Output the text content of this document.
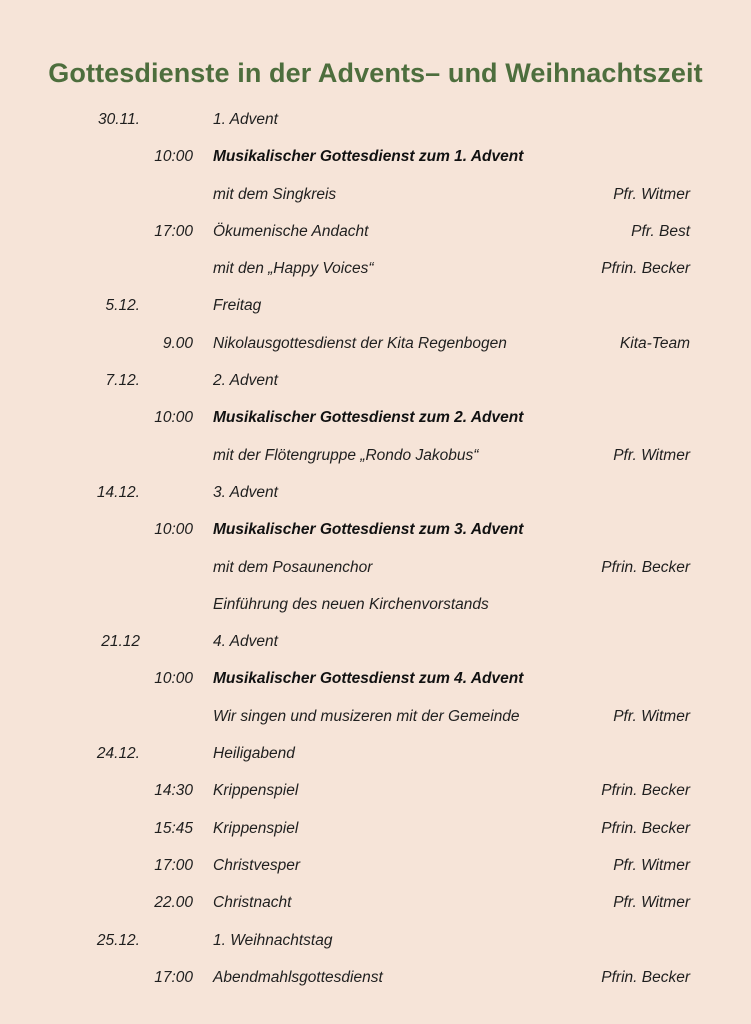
Gottesdienste in der Advents– und Weihnachtszeit
30.11.	1. Advent
10:00 Musikalischer Gottesdienst zum 1. Advent
mit dem Singkreis	Pfr. Witmer
17:00 Ökumenische Andacht	Pfr. Best
mit den „Happy Voices“	Pfrin. Becker
5.12.	Freitag
9.00 Nikolausgottesdienst der Kita Regenbogen	Kita-Team
7.12.	2. Advent
10:00 Musikalischer Gottesdienst zum 2. Advent
mit der Flötengruppe „Rondo Jakobus“	Pfr. Witmer
14.12.	3. Advent
10:00 Musikalischer Gottesdienst zum 3. Advent
mit dem Posaunenchor	Pfrin. Becker
Einführung des neuen Kirchenvorstands
21.12	4. Advent
10:00 Musikalischer Gottesdienst zum 4. Advent
Wir singen und musizeren mit der Gemeinde	Pfr. Witmer
24.12.	Heiligabend
14:30 Krippenspiel	Pfrin. Becker
15:45 Krippenspiel	Pfrin. Becker
17:00 Christvesper	Pfr. Witmer
22.00 Christnacht	Pfr. Witmer
25.12.	1. Weihnachtstag
17:00 Abendmahlsgottesdienst	Pfrin. Becker
